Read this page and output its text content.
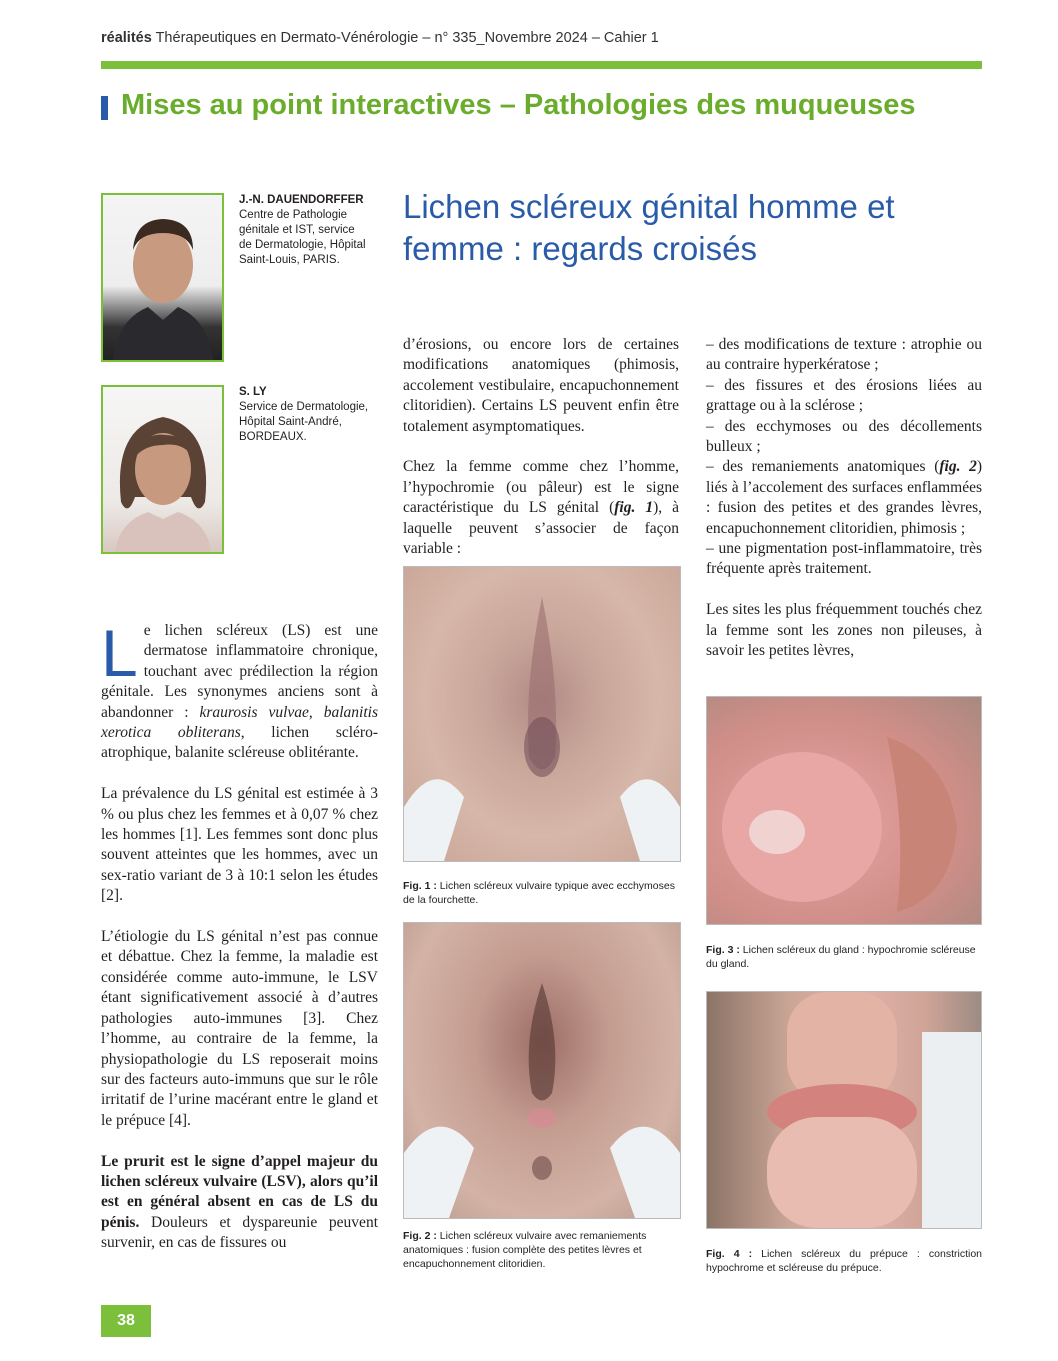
réalités Thérapeutiques en Dermato-Vénérologie – n° 335_Novembre 2024 – Cahier 1
Mises au point interactives – Pathologies des muqueuses
J.-N. DAUENDORFFER
Centre de Pathologie génitale et IST, service de Dermatologie, Hôpital Saint-Louis, PARIS.
S. LY
Service de Dermatologie, Hôpital Saint-André, BORDEAUX.
Lichen scléreux génital homme et femme : regards croisés

Le lichen scléreux (LS) est une dermatose inflammatoire chronique, touchant avec prédilection la région génitale. Les synonymes anciens sont à abandonner : kraurosis vulvae, balanitis xerotica obliterans, lichen scléro-atrophique, balanite scléreuse oblitérante.

La prévalence du LS génital est estimée à 3 % ou plus chez les femmes et à 0,07 % chez les hommes [1]. Les femmes sont donc plus souvent atteintes que les hommes, avec un sex-ratio variant de 3 à 10:1 selon les études [2].

L’étiologie du LS génital n’est pas connue et débattue. Chez la femme, la maladie est considérée comme auto-immune, le LSV étant significativement associé à d’autres pathologies auto-immunes [3]. Chez l’homme, au contraire de la femme, la physiopathologie du LS reposerait moins sur des facteurs auto-immuns que sur le rôle irritatif de l’urine macérant entre le gland et le prépuce [4].

Le prurit est le signe d’appel majeur du lichen scléreux vulvaire (LSV), alors qu’il est en général absent en cas de LS du pénis. Douleurs et dyspareunie peuvent survenir, en cas de fissures ou

d’érosions, ou encore lors de certaines modifications anatomiques (phimosis, accolement vestibulaire, encapuchonnement clitoridien). Certains LS peuvent enfin être totalement asymptomatiques.

Chez la femme comme chez l’homme, l’hypochromie (ou pâleur) est le signe caractéristique du LS génital (fig. 1), à laquelle peuvent s’associer de façon variable :

– des modifications de texture : atrophie ou au contraire hyperkératose ;
– des fissures et des érosions liées au grattage ou à la sclérose ;
– des ecchymoses ou des décollements bulleux ;
– des remaniements anatomiques (fig. 2) liés à l’accolement des surfaces enflammées : fusion des petites et des grandes lèvres, encapuchonnement clitoridien, phimosis ;
– une pigmentation post-inflammatoire, très fréquente après traitement.

Les sites les plus fréquemment touchés chez la femme sont les zones non pileuses, à savoir les petites lèvres,

Fig. 1 : Lichen scléreux vulvaire typique avec ecchymoses de la fourchette.
Fig. 2 : Lichen scléreux vulvaire avec remaniements anatomiques : fusion complète des petites lèvres et encapuchonnement clitoridien.
Fig. 3 : Lichen scléreux du gland : hypochromie scléreuse du gland.
Fig. 4 : Lichen scléreux du prépuce : constriction hypochrome et scléreuse du prépuce.
38
